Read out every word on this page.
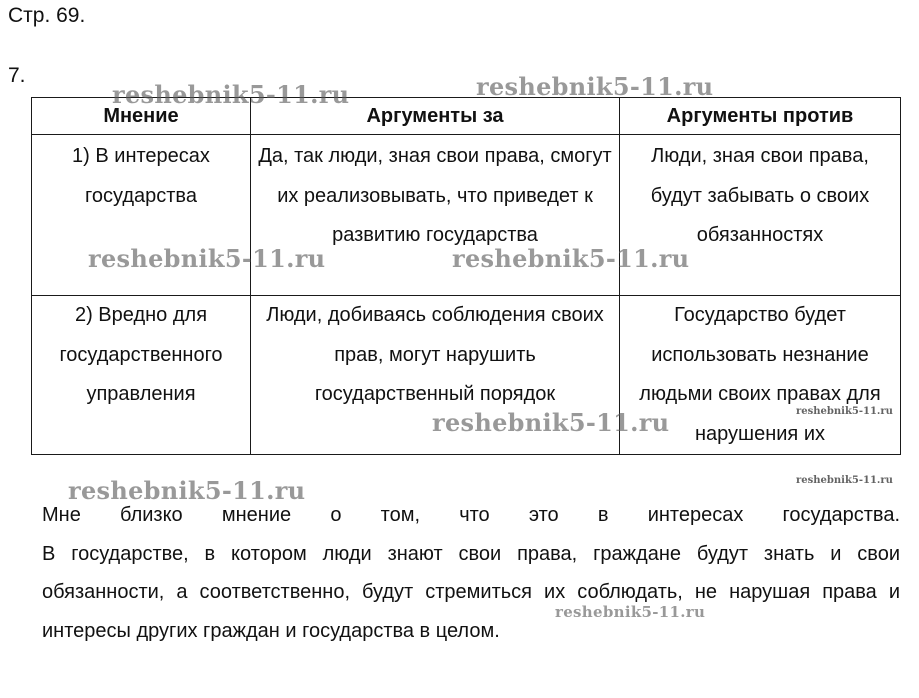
Стр. 69.
7.
Мнение	Аргументы за	Аргументы против
1) В интересах государства	Да, так люди, зная свои права, смогут их реализовывать, что приведет к развитию государства	Люди, зная свои права, будут забывать о своих обязанностях
2) Вредно для государственного управления	Люди, добиваясь соблюдения своих прав, могут нарушить государственный порядок	Государство будет использовать незнание людьми своих правах для нарушения их

Мне близко мнение о том, что это в интересах государства.

В государстве, в котором люди знают свои права, граждане будут знать и свои обязанности, а соответственно, будут стремиться их соблюдать, не нарушая права и интересы других граждан и государства в целом.

reshebnik5-11.ru	reshebnik5-11.ru
reshebnik5-11.ru	reshebnik5-11.ru
reshebnik5-11.ru
reshebnik5-11.ru
reshebnik5-11.ru
reshebnik5-11.ru
reshebnik5-11.ru
